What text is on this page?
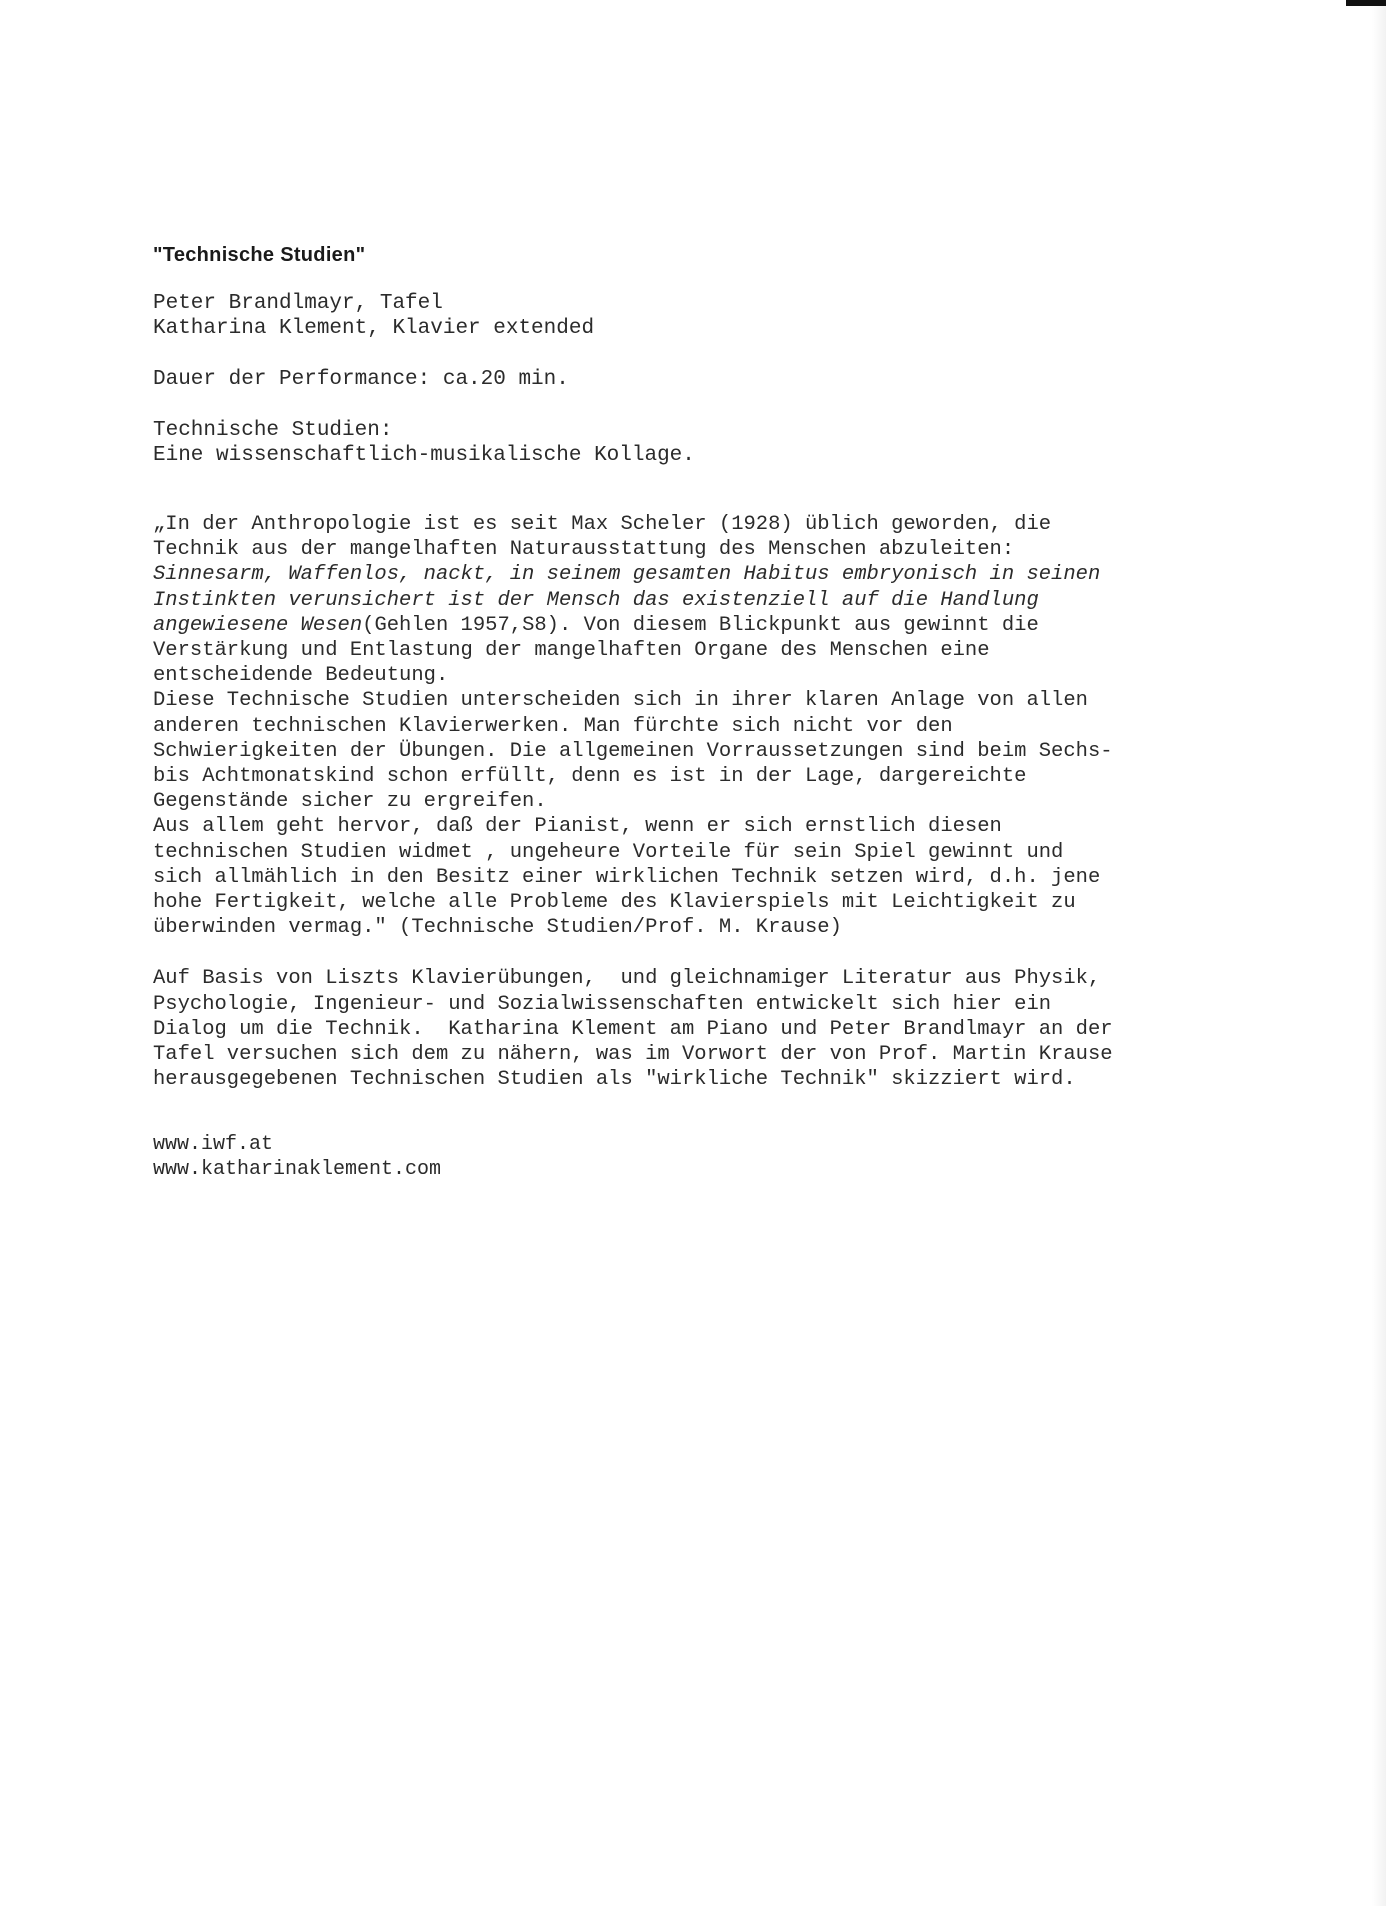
"Technische Studien"

Peter Brandlmayr, Tafel

Katharina Klement, Klavier extended

Dauer der Performance: ca.20 min.

Technische Studien:

Eine wissenschaftlich-musikalische Kollage.

„In der Anthropologie ist es seit Max Scheler (1928) üblich geworden, die
Technik aus der mangelhaften Naturausstattung des Menschen abzuleiten:
Sinnesarm, Waffenlos, nackt, in seinem gesamten Habitus embryonisch in seinen
Instinkten verunsichert ist der Mensch das existenziell auf die Handlung
angewiesene Wesen(Gehlen 1957,S8). Von diesem Blickpunkt aus gewinnt die
Verstärkung und Entlastung der mangelhaften Organe des Menschen eine
entscheidende Bedeutung.
Diese Technische Studien unterscheiden sich in ihrer klaren Anlage von allen
anderen technischen Klavierwerken. Man fürchte sich nicht vor den
Schwierigkeiten der Übungen. Die allgemeinen Vorraussetzungen sind beim Sechs-
bis Achtmonatskind schon erfüllt, denn es ist in der Lage, dargereichte
Gegenstände sicher zu ergreifen.
Aus allem geht hervor, daß der Pianist, wenn er sich ernstlich diesen
technischen Studien widmet , ungeheure Vorteile für sein Spiel gewinnt und
sich allmählich in den Besitz einer wirklichen Technik setzen wird, d.h. jene
hohe Fertigkeit, welche alle Probleme des Klavierspiels mit Leichtigkeit zu
überwinden vermag." (Technische Studien/Prof. M. Krause)
Auf Basis von Liszts Klavierübungen,  und gleichnamiger Literatur aus Physik,
Psychologie, Ingenieur- und Sozialwissenschaften entwickelt sich hier ein
Dialog um die Technik.  Katharina Klement am Piano und Peter Brandlmayr an der
Tafel versuchen sich dem zu nähern, was im Vorwort der von Prof. Martin Krause
herausgegebenen Technischen Studien als "wirkliche Technik" skizziert wird.

www.iwf.at

www.katharinaklement.com
